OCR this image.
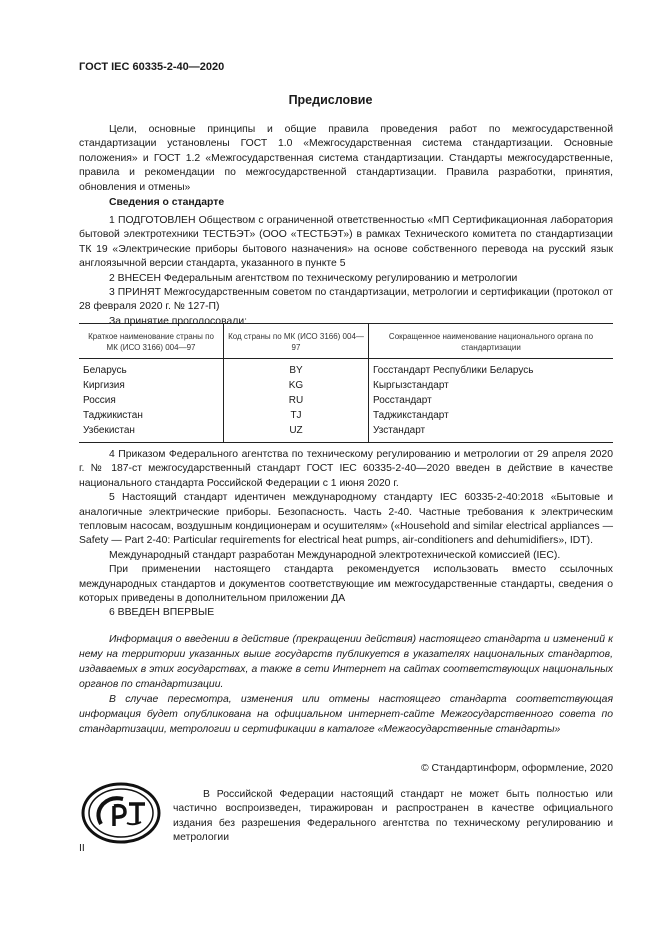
ГОСТ IEC 60335-2-40—2020
Предисловие

Цели, основные принципы и общие правила проведения работ по межгосударственной стандартизации установлены ГОСТ 1.0 «Межгосударственная система стандартизации. Основные положения» и ГОСТ 1.2 «Межгосударственная система стандартизации. Стандарты межгосударственные, правила и рекомендации по межгосударственной стандартизации. Правила разработки, принятия, обновления и отмены»

Сведения о стандарте

1 ПОДГОТОВЛЕН Обществом с ограниченной ответственностью «МП Сертификационная лаборатория бытовой электротехники ТЕСТБЭТ» (ООО «ТЕСТБЭТ») в рамках Технического комитета по стандартизации ТК 19 «Электрические приборы бытового назначения» на основе собственного перевода на русский язык англоязычной версии стандарта, указанного в пункте 5

2 ВНЕСЕН Федеральным агентством по техническому регулированию и метрологии

3 ПРИНЯТ Межгосударственным советом по стандартизации, метрологии и сертификации (протокол от 28 февраля 2020 г. № 127-П)

За принятие проголосовали:

Краткое наименование страны по МК (ИСО 3166) 004—97	Код страны по МК (ИСО 3166) 004—97	Сокращенное наименование национального органа по стандартизации
Беларусь	BY	Госстандарт Республики Беларусь
Киргизия	KG	Кыргызстандарт
Россия	RU	Росстандарт
Таджикистан	TJ	Таджикстандарт
Узбекистан	UZ	Узстандарт

4 Приказом Федерального агентства по техническому регулированию и метрологии от 29 апреля 2020 г. № 187-ст межгосударственный стандарт ГОСТ IEC 60335-2-40—2020 введен в действие в качестве национального стандарта Российской Федерации с 1 июня 2020 г.

5 Настоящий стандарт идентичен международному стандарту IEC 60335-2-40:2018 «Бытовые и аналогичные электрические приборы. Безопасность. Часть 2-40. Частные требования к электрическим тепловым насосам, воздушным кондиционерам и осушителям» («Household and similar electrical appliances — Safety — Part 2-40: Particular requirements for electrical heat pumps, air-conditioners and dehumidifiers», IDT).

Международный стандарт разработан Международной электротехнической комиссией (IEC).

При применении настоящего стандарта рекомендуется использовать вместо ссылочных международных стандартов и документов соответствующие им межгосударственные стандарты, сведения о которых приведены в дополнительном приложении ДА

6 ВВЕДЕН ВПЕРВЫЕ

Информация о введении в действие (прекращении действия) настоящего стандарта и изменений к нему на территории указанных выше государств публикуется в указателях национальных стандартов, издаваемых в этих государствах, а также в сети Интернет на сайтах соответствующих национальных органов по стандартизации.

В случае пересмотра, изменения или отмены настоящего стандарта соответствующая информация будет опубликована на официальном интернет-сайте Межгосударственного совета по стандартизации, метрологии и сертификации в каталоге «Межгосударственные стандарты»

© Стандартинформ, оформление, 2020

В Российской Федерации настоящий стандарт не может быть полностью или частично воспроизведен, тиражирован и распространен в качестве официального издания без разрешения Федерального агентства по техническому регулированию и метрологии

II
